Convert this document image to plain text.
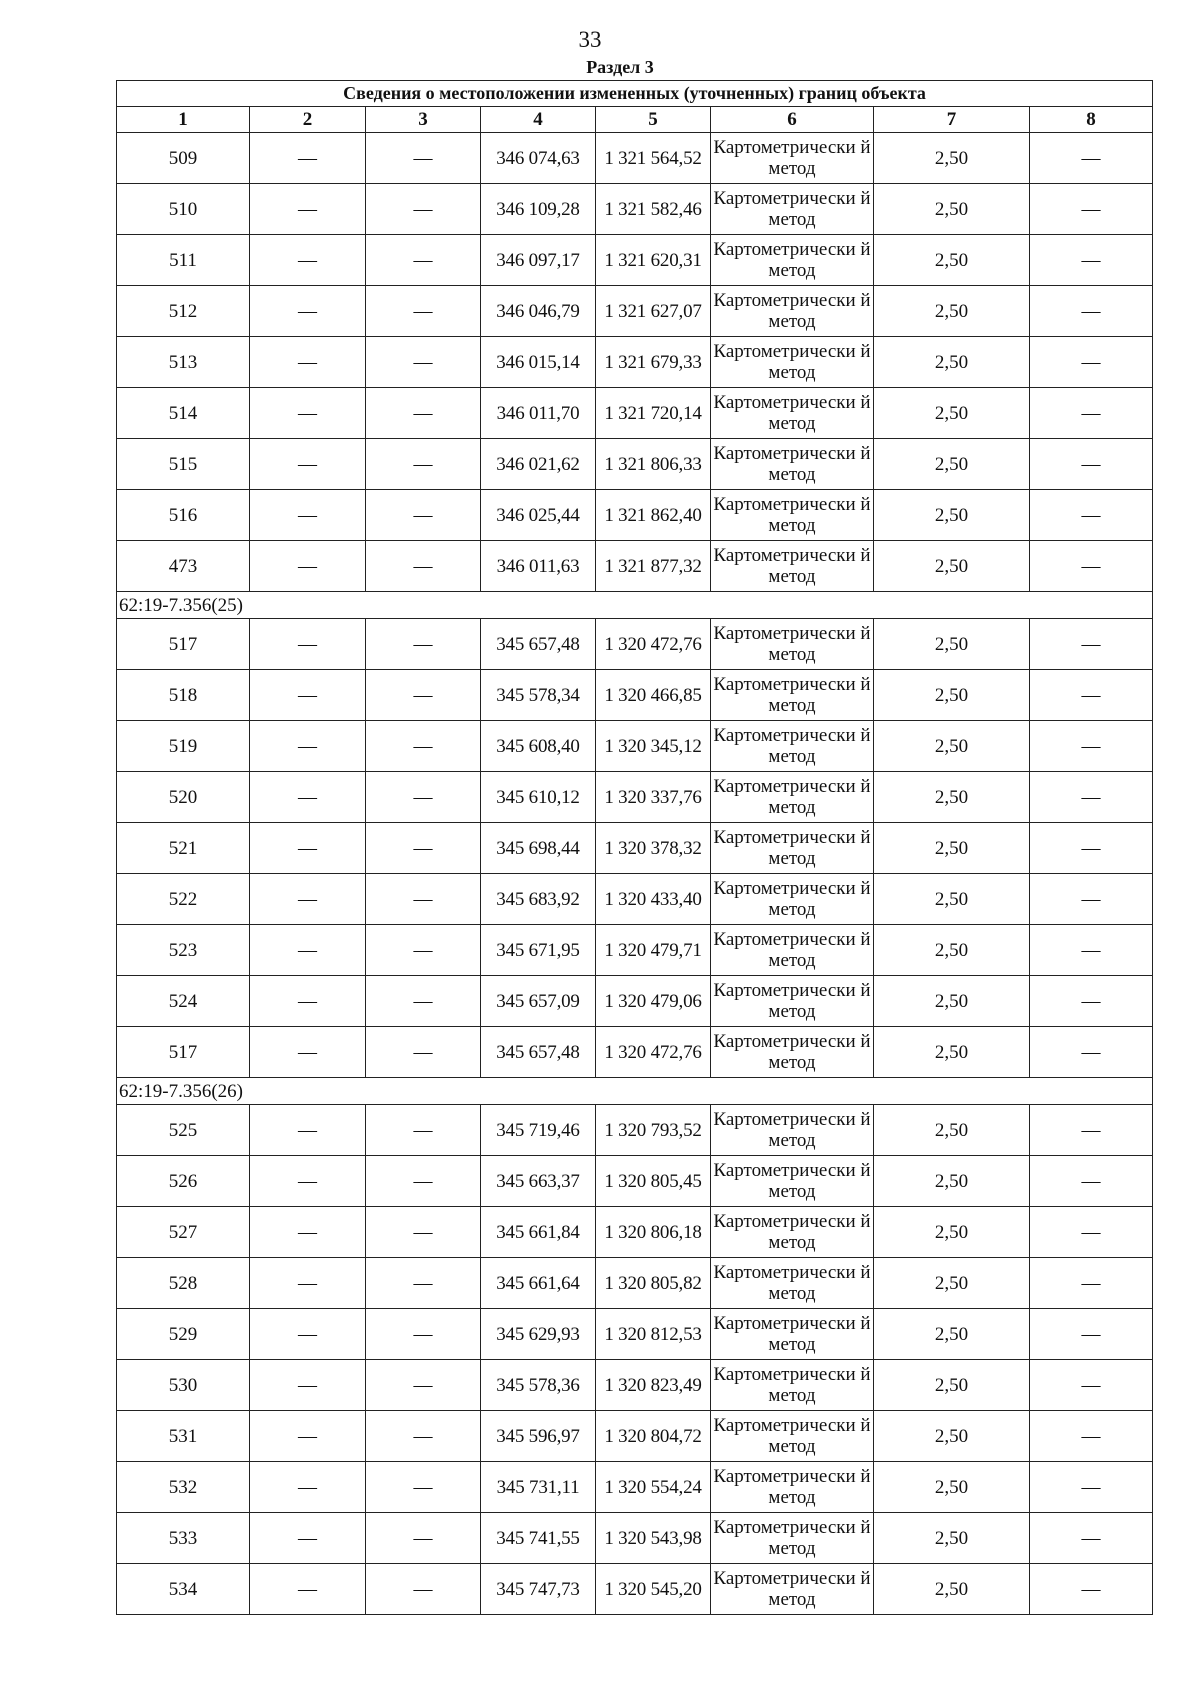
33
Раздел 3
Сведения о местоположении измененных (уточненных) границ объекта							
1	2	3	4	5	6	7	8
509	—	—	346 074,63	1 321 564,52	Картометрически й метод	2,50	—
510	—	—	346 109,28	1 321 582,46	Картометрически й метод	2,50	—
511	—	—	346 097,17	1 321 620,31	Картометрически й метод	2,50	—
512	—	—	346 046,79	1 321 627,07	Картометрически й метод	2,50	—
513	—	—	346 015,14	1 321 679,33	Картометрически й метод	2,50	—
514	—	—	346 011,70	1 321 720,14	Картометрически й метод	2,50	—
515	—	—	346 021,62	1 321 806,33	Картометрически й метод	2,50	—
516	—	—	346 025,44	1 321 862,40	Картометрически й метод	2,50	—
473	—	—	346 011,63	1 321 877,32	Картометрически й метод	2,50	—
62:19-7.356(25)							
517	—	—	345 657,48	1 320 472,76	Картометрически й метод	2,50	—
518	—	—	345 578,34	1 320 466,85	Картометрически й метод	2,50	—
519	—	—	345 608,40	1 320 345,12	Картометрически й метод	2,50	—
520	—	—	345 610,12	1 320 337,76	Картометрически й метод	2,50	—
521	—	—	345 698,44	1 320 378,32	Картометрически й метод	2,50	—
522	—	—	345 683,92	1 320 433,40	Картометрически й метод	2,50	—
523	—	—	345 671,95	1 320 479,71	Картометрически й метод	2,50	—
524	—	—	345 657,09	1 320 479,06	Картометрически й метод	2,50	—
517	—	—	345 657,48	1 320 472,76	Картометрически й метод	2,50	—
62:19-7.356(26)							
525	—	—	345 719,46	1 320 793,52	Картометрически й метод	2,50	—
526	—	—	345 663,37	1 320 805,45	Картометрически й метод	2,50	—
527	—	—	345 661,84	1 320 806,18	Картометрически й метод	2,50	—
528	—	—	345 661,64	1 320 805,82	Картометрически й метод	2,50	—
529	—	—	345 629,93	1 320 812,53	Картометрически й метод	2,50	—
530	—	—	345 578,36	1 320 823,49	Картометрически й метод	2,50	—
531	—	—	345 596,97	1 320 804,72	Картометрически й метод	2,50	—
532	—	—	345 731,11	1 320 554,24	Картометрически й метод	2,50	—
533	—	—	345 741,55	1 320 543,98	Картометрически й метод	2,50	—
534	—	—	345 747,73	1 320 545,20	Картометрически й метод	2,50	—
